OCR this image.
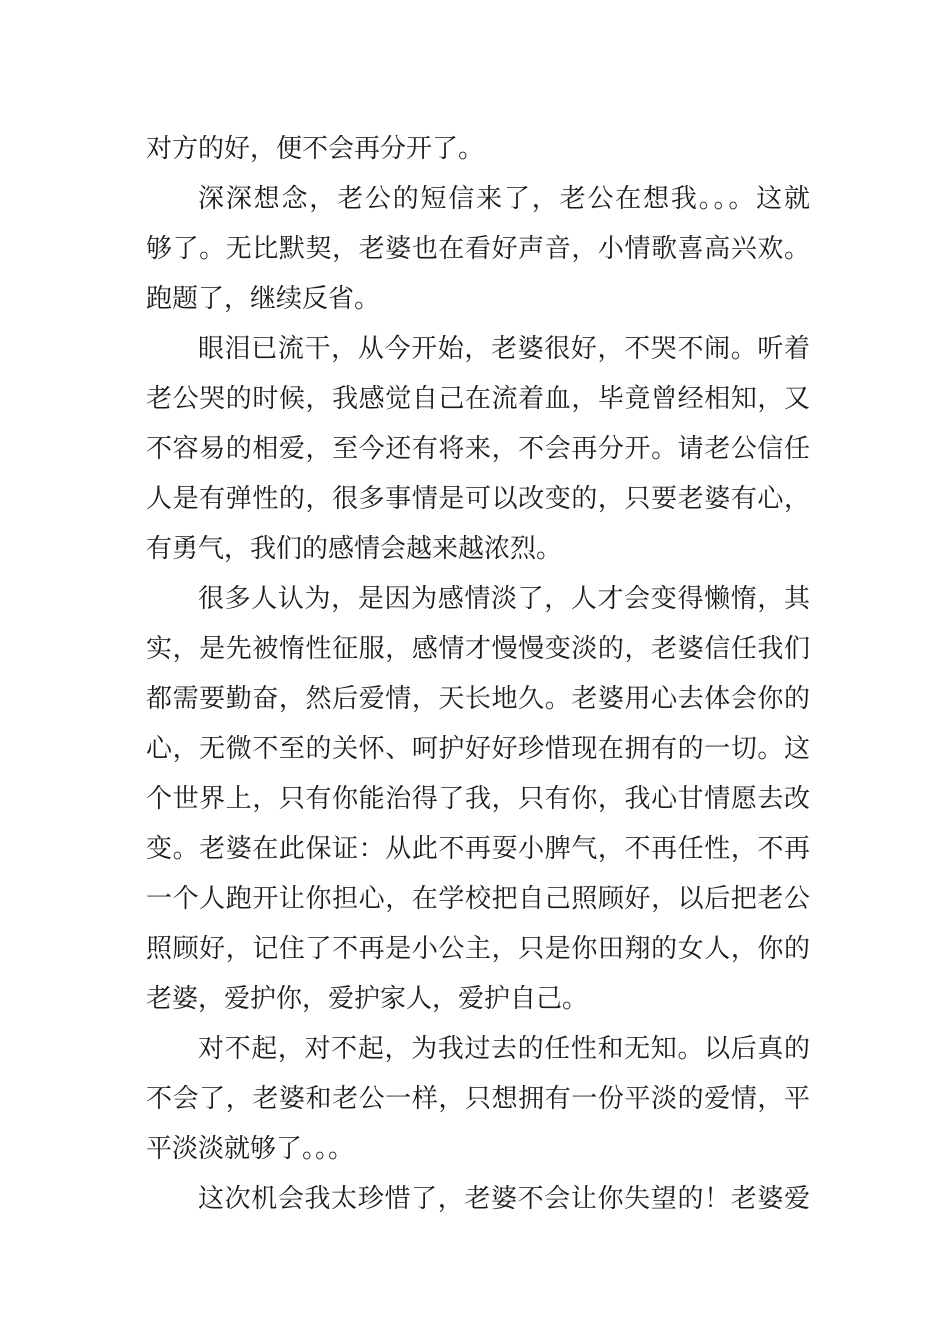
对方的好，便不会再分开了。
深深想念，老公的短信来了，老公在想我。。。这就
够了。无比默契，老婆也在看好声音，小情歌喜高兴欢。
跑题了，继续反省。
眼泪已流干，从今开始，老婆很好，不哭不闹。听着
老公哭的时候，我感觉自己在流着血，毕竟曾经相知，又
不容易的相爱，至今还有将来，不会再分开。请老公信任
人是有弹性的，很多事情是可以改变的，只要老婆有心，
有勇气，我们的感情会越来越浓烈。
很多人认为，是因为感情淡了，人才会变得懒惰，其
实，是先被惰性征服，感情才慢慢变淡的，老婆信任我们
都需要勤奋，然后爱情，天长地久。老婆用心去体会你的
心，无微不至的关怀、呵护好好珍惜现在拥有的一切。这
个世界上，只有你能治得了我，只有你，我心甘情愿去改
变。老婆在此保证：从此不再耍小脾气，不再任性，不再
一个人跑开让你担心，在学校把自己照顾好，以后把老公
照顾好，记住了不再是小公主，只是你田翔的女人，你的
老婆，爱护你，爱护家人，爱护自己。
对不起，对不起，为我过去的任性和无知。以后真的
不会了，老婆和老公一样，只想拥有一份平淡的爱情，平
平淡淡就够了。。。
这次机会我太珍惜了，老婆不会让你失望的！老婆爱
